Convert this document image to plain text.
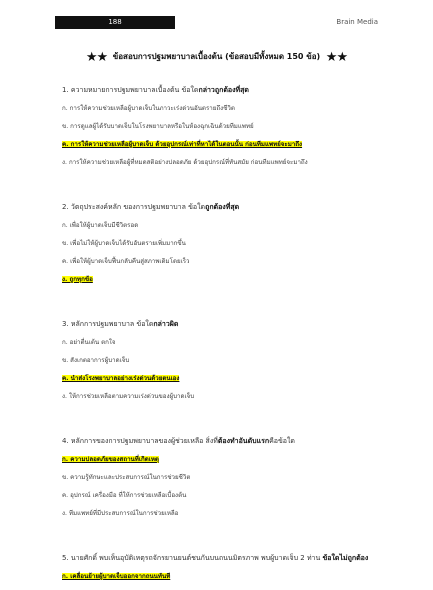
188	Brain Media
★★ ข้อสอบการปฐมพยาบาลเบื้องต้น (ข้อสอบมีทั้งหมด 150 ข้อ) ★★
1. ความหมายการปฐมพยาบาลเบื้องต้น ข้อใดกล่าวถูกต้องที่สุด
ก. การให้ความช่วยเหลือผู้บาดเจ็บในภาวะเร่งด่วนอันตรายถึงชีวิต
ข. การดูแลผู้ได้รับบาดเจ็บในโรงพยาบาลหรือในห้องฉุกเฉินด้วยทีมแพทย์
ค. การให้ความช่วยเหลือผู้บาดเจ็บ ด้วยอุปกรณ์เท่าที่หาได้ในตอนนั้น ก่อนทีมแพทย์จะมาถึง
ง. การให้ความช่วยเหลือผู้ที่หมดสติอย่างปลอดภัย ด้วยอุปกรณ์ที่ทันสมัย ก่อนทีมแพทย์จะมาถึง
2. วัตถุประสงค์หลัก ของการปฐมพยาบาล ข้อใดถูกต้องที่สุด
ก. เพื่อให้ผู้บาดเจ็บมีชีวิตรอด
ข. เพื่อไม่ให้ผู้บาดเจ็บได้รับอันตรายเพิ่มมากขึ้น
ค. เพื่อให้ผู้บาดเจ็บฟื้นกลับคืนสู่สภาพเดิมโดยเร็ว
ง. ถูกทุกข้อ
3. หลักการปฐมพยาบาล ข้อใดกล่าวผิด
ก. อย่าตื่นเต้น ตกใจ
ข. สังเกตอาการผู้บาดเจ็บ
ค. นำส่งโรงพยาบาลอย่างเร่งด่วนด้วยตนเอง
ง. ให้การช่วยเหลือตามความเร่งด่วนของผู้บาดเจ็บ
4. หลักการของการปฐมพยาบาลของผู้ช่วยเหลือ สิ่งที่ต้องทำอันดับแรกคือข้อใด
ก. ความปลอดภัยของสถานที่เกิดเหตุ
ข. ความรู้ทักษะและประสบการณ์ในการช่วยชีวิต
ค. อุปกรณ์ เครื่องมือ ที่ให้การช่วยเหลือเบื้องต้น
ง. ทีมแพทย์ที่มีประสบการณ์ในการช่วยเหลือ
5. นายศักดิ์ พบเห็นอุบัติเหตุรถจักรยานยนต์ชนกันบนถนนมิตรภาพ พบผู้บาดเจ็บ 2 ท่าน ข้อใดไม่ถูกต้อง
ก. เคลื่อนย้ายผู้บาดเจ็บออกจากถนนทันที
